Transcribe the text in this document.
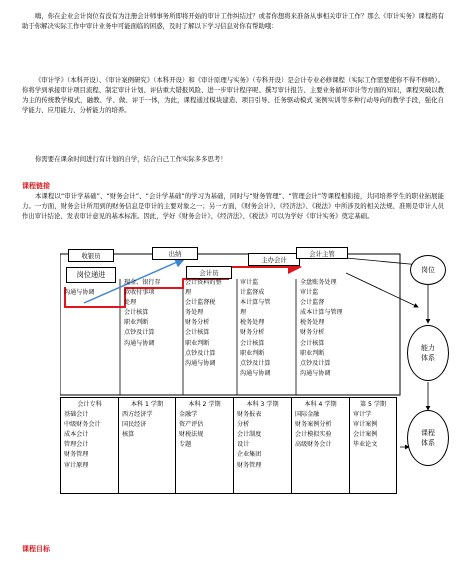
嗨，你在企业会计岗位有没有为注册会计师事务所即将开始的审计工作纠结过？或者你想将来准备从事相关审计工作？那么《审计实务》课程将有助于你解决实际工作中审计业务中可能面临的困惑，及时了解以下学习信息对你有帮助哦：

《审计学》（本科开设）、《审计案例研究》（本科开设）和《审计原理与实务》（专科开设）是会计专业必修课程（实际工作需要使你不得不修哟）。你将学到承接审计项目流程、制定审计计划、评估重大错报风险、进一步审计程序呢、撰写审计报告、主要业务循环审计等方面的知识，课程突破以教为主的传统教学模式，融教、学、做、评于一体，为此，课程通过模块建造、项目引导、任务驱动模式 案例实训等多种行动导向的教学手段，强化自学能力、应用能力、分析能力的培养。

你需要在课余时间进行有计划的自学，结合自己工作实际多多思考！

课程链接

本课程以“审计学基础”、“财务会计”、“会计学基础”的学习为基础，同时与“财务管理”、“管理会计”等课程相衔接，共同培养学生的职业拓展能力。一方面，财务会计所用到的财务信息是审计的主要对象之一；另一方面，《财务会计》、《经济法》、《税法》中所涉及的相关法规、准则是审计人员作出审计结论、发表审计意见的基本标准。因此，学好《财务会计》、《经济法》、《税法》可以为学好《审计实务》奠定基础。

收银员
岗位递进
出纳
会计员
主办会计
会计主管
沟通与协调
现金、银行存
款收付事项
处理
会计核算
职业判断
点钞及计算
沟通与协调
会计资料的整
理
会计监督税
务处理
财务分析
会计核算
职业判断
点钞及计算
沟通与协调
审计监
计监督成
本计算与管
理
税务处理
财务分析
会计核算
职业判断
点钞及计算
沟通与协调
全盘账务处理
审计监
会计监督
成本计算与管理
税务处理
财务分析
会计核算
职业判断
点钞及计算
沟通与协调
会计专科
基础会计
中级财务会计
成本会计
管理会计
财务管理
审计原理
本科 1 学期
西方经济学
国民经济
核算
本科 2 学期
金融学
资产评估
财税法规
专题
本科 3 学期
财务报表
分析
会计制度
设计
企业集团
财务管理
本科 4 学期
国际金融
财务案例分析
会计模拟实验
高级财务会计
第 5 学期
审计学
审计案例
会计案例
毕业论文
岗位
能力
体系
课程
体系
课程目标
